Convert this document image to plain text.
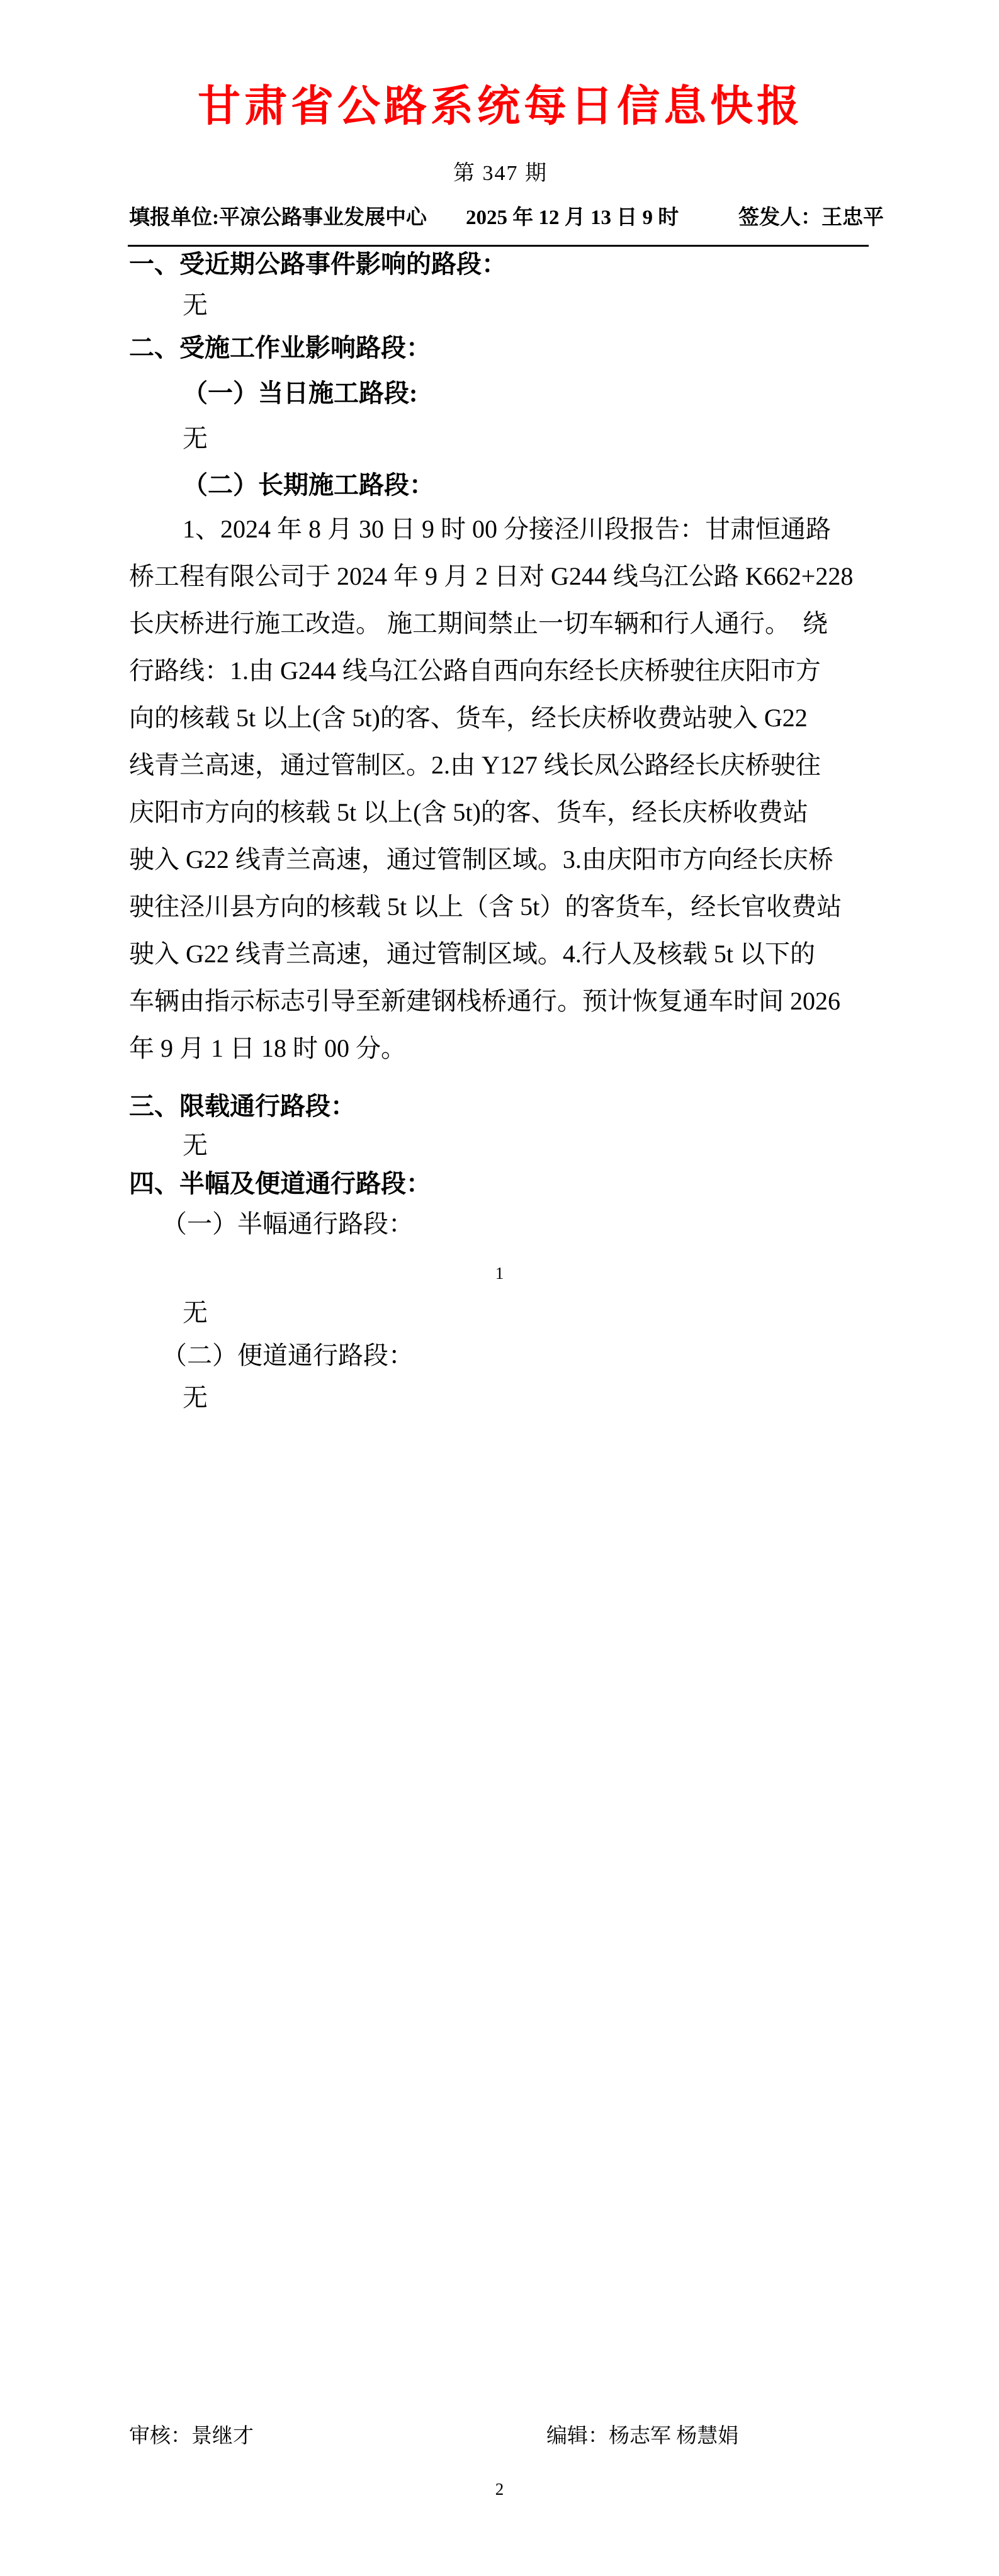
甘肃省公路系统每日信息快报
第 347 期
填报单位:平凉公路事业发展中心 2025 年 12 月 13 日 9 时	签发人：王忠平
一、受近期公路事件影响的路段：
无
二、受施工作业影响路段：
（一）当日施工路段:
无
（二）长期施工路段：
1、2024 年 8 月 30 日 9 时 00 分接泾川段报告：甘肃恒通路
桥工程有限公司于 2024 年 9 月 2 日对 G244 线乌江公路 K662+228
长庆桥进行施工改造。 施工期间禁止一切车辆和行人通行。  绕
行路线：1.由 G244 线乌江公路自西向东经长庆桥驶往庆阳市方
向的核载 5t 以上(含 5t)的客、货车，经长庆桥收费站驶入 G22
线青兰高速，通过管制区。2.由 Y127 线长凤公路经长庆桥驶往
庆阳市方向的核载 5t 以上(含 5t)的客、货车，经长庆桥收费站
驶入 G22 线青兰高速，通过管制区域。3.由庆阳市方向经长庆桥
驶往泾川县方向的核载 5t 以上（含 5t）的客货车，经长官收费站
驶入 G22 线青兰高速，通过管制区域。4.行人及核载 5t 以下的
车辆由指示标志引导至新建钢栈桥通行。预计恢复通车时间 2026
年 9 月 1 日 18 时 00 分。
三、限载通行路段：
无
四、半幅及便道通行路段：
（一）半幅通行路段：
1
无
（二）便道通行路段：
无
审核：景继才	编辑：杨志军 杨慧娟
2
